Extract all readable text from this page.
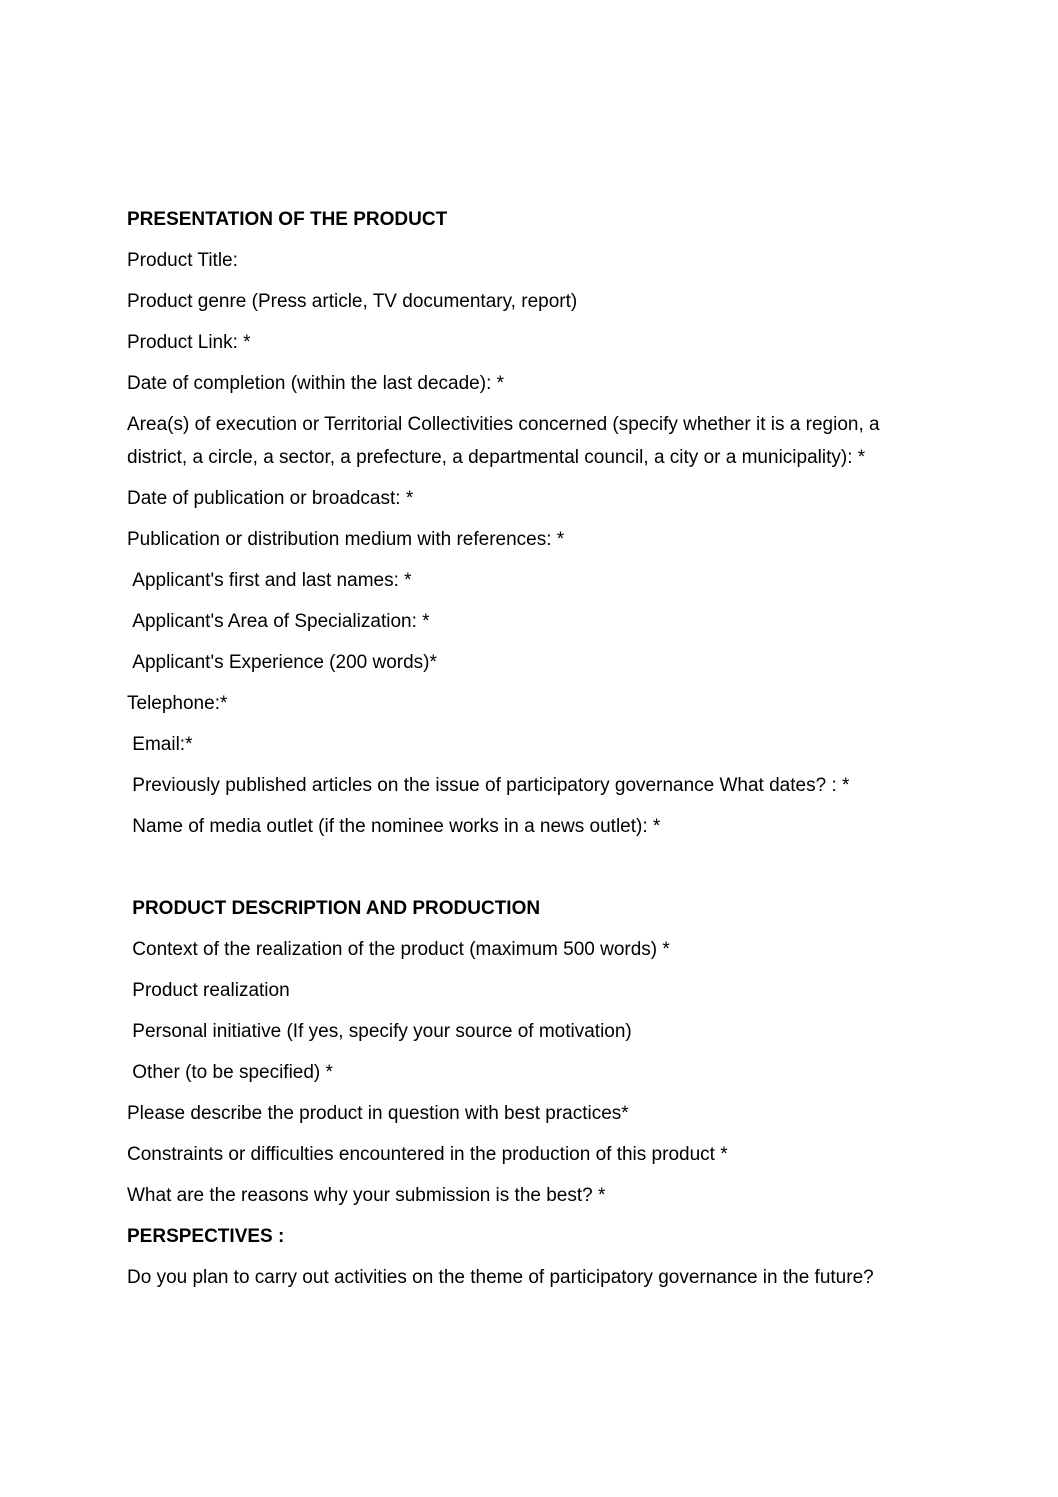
PRESENTATION OF THE PRODUCT

Product Title:

Product genre (Press article, TV documentary, report)

Product Link: *

Date of completion (within the last decade): *

Area(s) of execution or Territorial Collectivities concerned (specify whether it is a region, a district, a circle, a sector, a prefecture, a departmental council, a city or a municipality): *

Date of publication or broadcast: *

Publication or distribution medium with references: *

Applicant's first and last names: *

Applicant's Area of Specialization: *

Applicant's Experience (200 words)*

Telephone:*

Email:*

Previously published articles on the issue of participatory governance What dates? : *

Name of media outlet (if the nominee works in a news outlet): *

PRODUCT DESCRIPTION AND PRODUCTION

Context of the realization of the product (maximum 500 words) *

Product realization

Personal initiative (If yes, specify your source of motivation)

Other (to be specified) *

Please describe the product in question with best practices*

Constraints or difficulties encountered in the production of this product *

What are the reasons why your submission is the best? *

PERSPECTIVES :

Do you plan to carry out activities on the theme of participatory governance in the future?
